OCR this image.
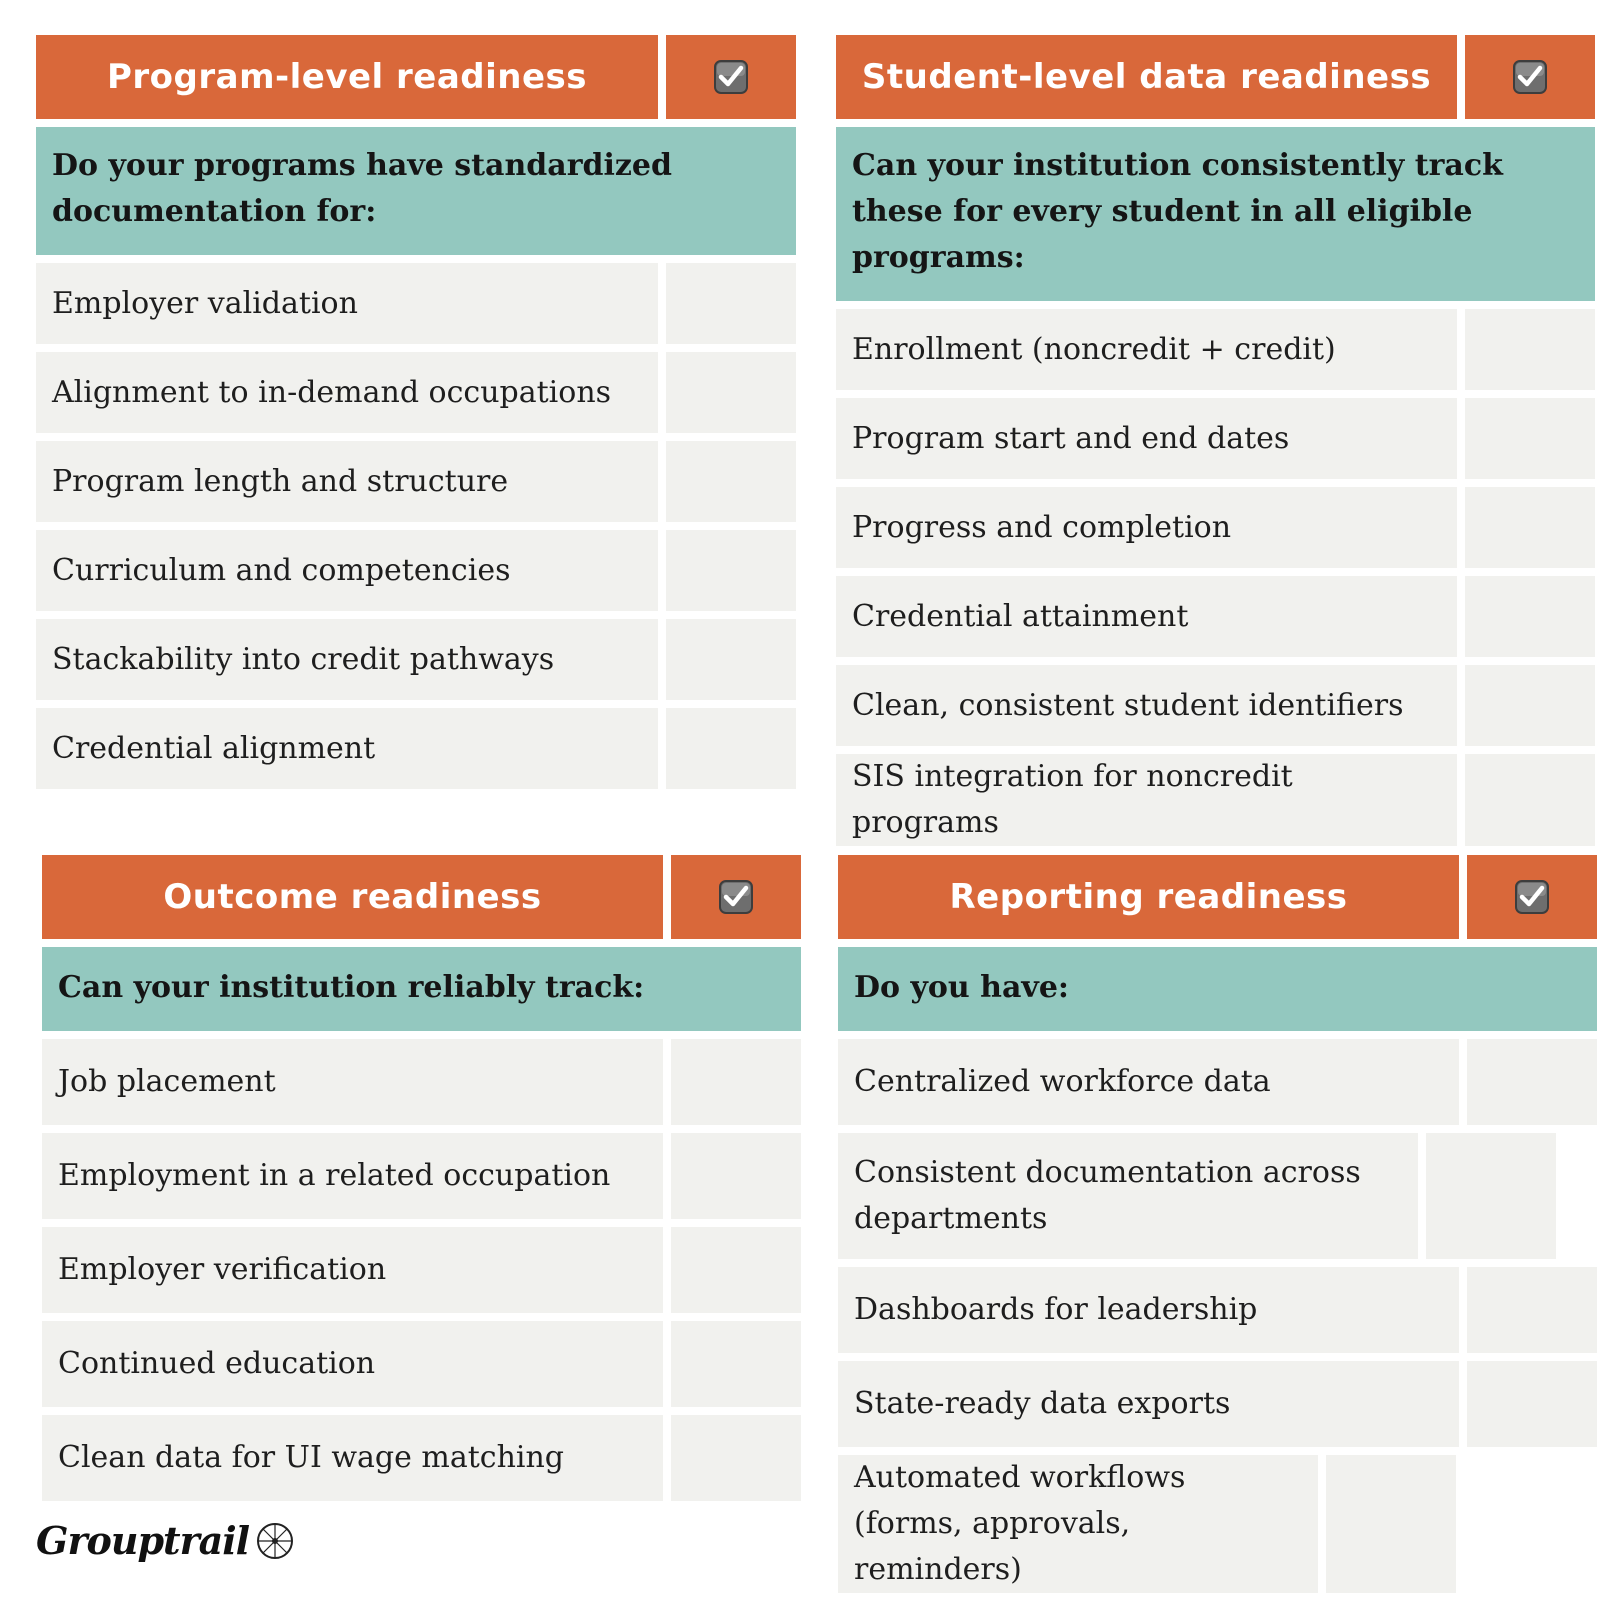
Program-level readiness
Do your programs have standardized documentation for:
Employer validation
Alignment to in-demand occupations
Program length and structure
Curriculum and competencies
Stackability into credit pathways
Credential alignment
Student-level data readiness
Can your institution consistently track these for every student in all eligible programs:
Enrollment (noncredit + credit)
Program start and end dates
Progress and completion
Credential attainment
Clean, consistent student identifiers
SIS integration for noncredit programs
Outcome readiness
Can your institution reliably track:
Job placement
Employment in a related occupation
Employer verification
Continued education
Clean data for UI wage matching
Reporting readiness
Do you have:
Centralized workforce data
Consistent documentation across departments
Dashboards for leadership
State-ready data exports
Automated workflows (forms, approvals, reminders)
Grouptrail
